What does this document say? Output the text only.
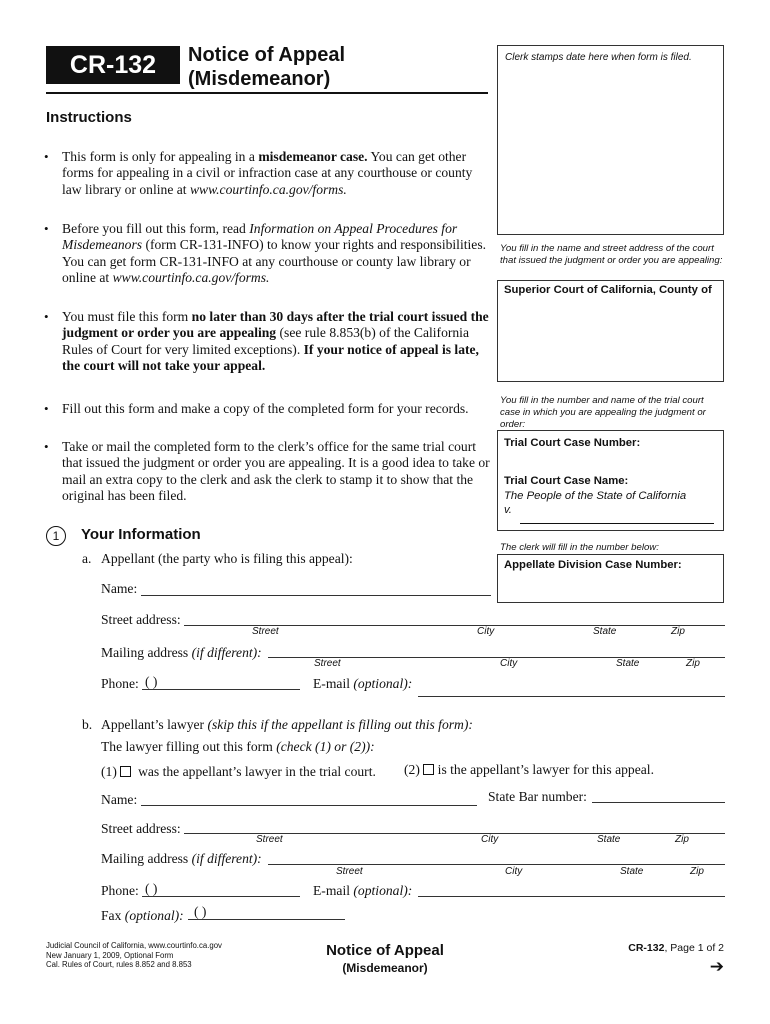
CR-132	Notice of Appeal
(Misdemeanor)
Clerk stamps date here when form is filed.
Instructions
• This form is only for appealing in a misdemeanor case. You can get other forms for appealing in a civil or infraction case at any courthouse or county law library or online at www.courtinfo.ca.gov/forms.
• Before you fill out this form, read Information on Appeal Procedures for Misdemeanors (form CR-131-INFO) to know your rights and responsibilities. You can get form CR-131-INFO at any courthouse or county law library or online at www.courtinfo.ca.gov/forms.
• You must file this form no later than 30 days after the trial court issued the judgment or order you are appealing (see rule 8.853(b) of the California Rules of Court for very limited exceptions). If your notice of appeal is late, the court will not take your appeal.
• Fill out this form and make a copy of the completed form for your records.
• Take or mail the completed form to the clerk’s office for the same trial court that issued the judgment or order you are appealing. It is a good idea to take or mail an extra copy to the clerk and ask the clerk to stamp it to show that the original has been filed.
You fill in the name and street address of the court that issued the judgment or order you are appealing:
Superior Court of California, County of
You fill in the number and name of the trial court case in which you are appealing the judgment or order:
Trial Court Case Number:
Trial Court Case Name:
The People of the State of California
v.
The clerk will fill in the number below:
Appellate Division Case Number:
1	Your Information
a. Appellant (the party who is filing this appeal):
Name:
Street address:
Street	City	State	Zip
Mailing address (if different):
Street	City	State	Zip
Phone: ( )	E-mail (optional):
b. Appellant’s lawyer (skip this if the appellant is filling out this form):
The lawyer filling out this form (check (1) or (2)):
(1) was the appellant’s lawyer in the trial court. (2) is the appellant’s lawyer for this appeal.
Name:	State Bar number:
Street address:
Street	City	State	Zip
Mailing address (if different):
Street	City	State	Zip
Phone: ( )	E-mail (optional):
Fax (optional): ( )
Judicial Council of California, www.courtinfo.ca.gov
New January 1, 2009, Optional Form
Cal. Rules of Court, rules 8.852 and 8.853
Notice of Appeal
(Misdemeanor)
CR-132, Page 1 of 2
➔
